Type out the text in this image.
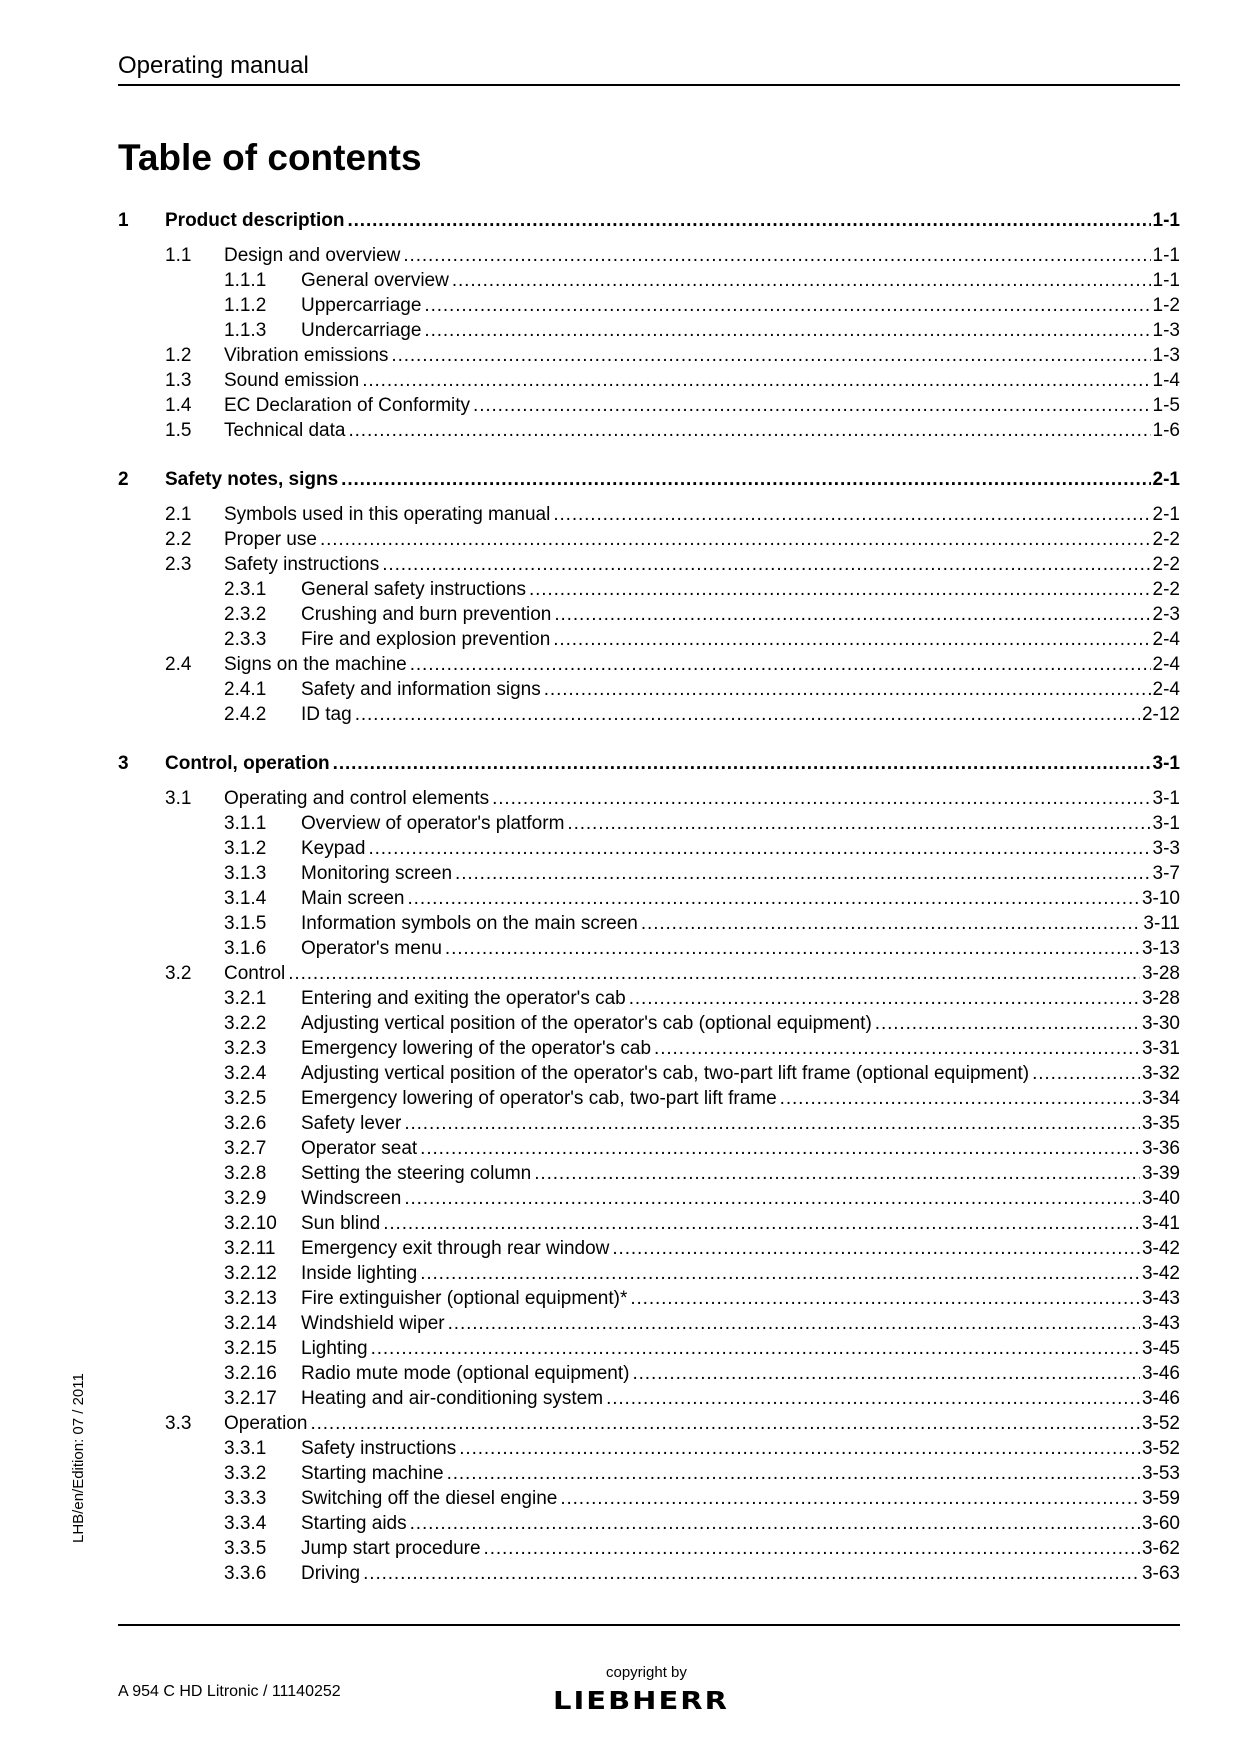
Operating manual
Table of contents
1	Product description . . .	1-1
1.1	Design and overview . . .	1-1
1.1.1	General overview . . .	1-1
1.1.2	Uppercarriage . . .	1-2
1.1.3	Undercarriage . . .	1-3
1.2	Vibration emissions . . .	1-3
1.3	Sound emission . . .	1-4
1.4	EC Declaration of Conformity . . .	1-5
1.5	Technical data . . .	1-6
2	Safety notes, signs . . .	2-1
2.1	Symbols used in this operating manual . . .	2-1
2.2	Proper use . . .	2-2
2.3	Safety instructions . . .	2-2
2.3.1	General safety instructions . . .	2-2
2.3.2	Crushing and burn prevention . . .	2-3
2.3.3	Fire and explosion prevention . . .	2-4
2.4	Signs on the machine . . .	2-4
2.4.1	Safety and information signs . . .	2-4
2.4.2	ID tag . . .	2-12
3	Control, operation . . .	3-1
3.1	Operating and control elements . . .	3-1
3.1.1	Overview of operator's platform . . .	3-1
3.1.2	Keypad . . .	3-3
3.1.3	Monitoring screen . . .	3-7
3.1.4	Main screen . . .	3-10
3.1.5	Information symbols on the main screen . . .	3-11
3.1.6	Operator's menu . . .	3-13
3.2	Control . . .	3-28
3.2.1	Entering and exiting the operator's cab . . .	3-28
3.2.2	Adjusting vertical position of the operator's cab (optional equipment) . . .	3-30
3.2.3	Emergency lowering of the operator's cab . . .	3-31
3.2.4	Adjusting vertical position of the operator's cab, two-part lift frame (optional equipment) . . .	3-32
3.2.5	Emergency lowering of operator's cab, two-part lift frame . . .	3-34
3.2.6	Safety lever . . .	3-35
3.2.7	Operator seat . . .	3-36
3.2.8	Setting the steering column . . .	3-39
3.2.9	Windscreen . . .	3-40
3.2.10	Sun blind . . .	3-41
3.2.11	Emergency exit through rear window . . .	3-42
3.2.12	Inside lighting . . .	3-42
3.2.13	Fire extinguisher (optional equipment)* . . .	3-43
3.2.14	Windshield wiper . . .	3-43
3.2.15	Lighting . . .	3-45
3.2.16	Radio mute mode (optional equipment) . . .	3-46
3.2.17	Heating and air-conditioning system . . .	3-46
3.3	Operation . . .	3-52
3.3.1	Safety instructions . . .	3-52
3.3.2	Starting machine . . .	3-53
3.3.3	Switching off the diesel engine . . .	3-59
3.3.4	Starting aids . . .	3-60
3.3.5	Jump start procedure . . .	3-62
3.3.6	Driving . . .	3-63
LHB/en/Edition: 07 / 2011
A 954 C HD Litronic / 11140252
copyright by
LIEBHERR
